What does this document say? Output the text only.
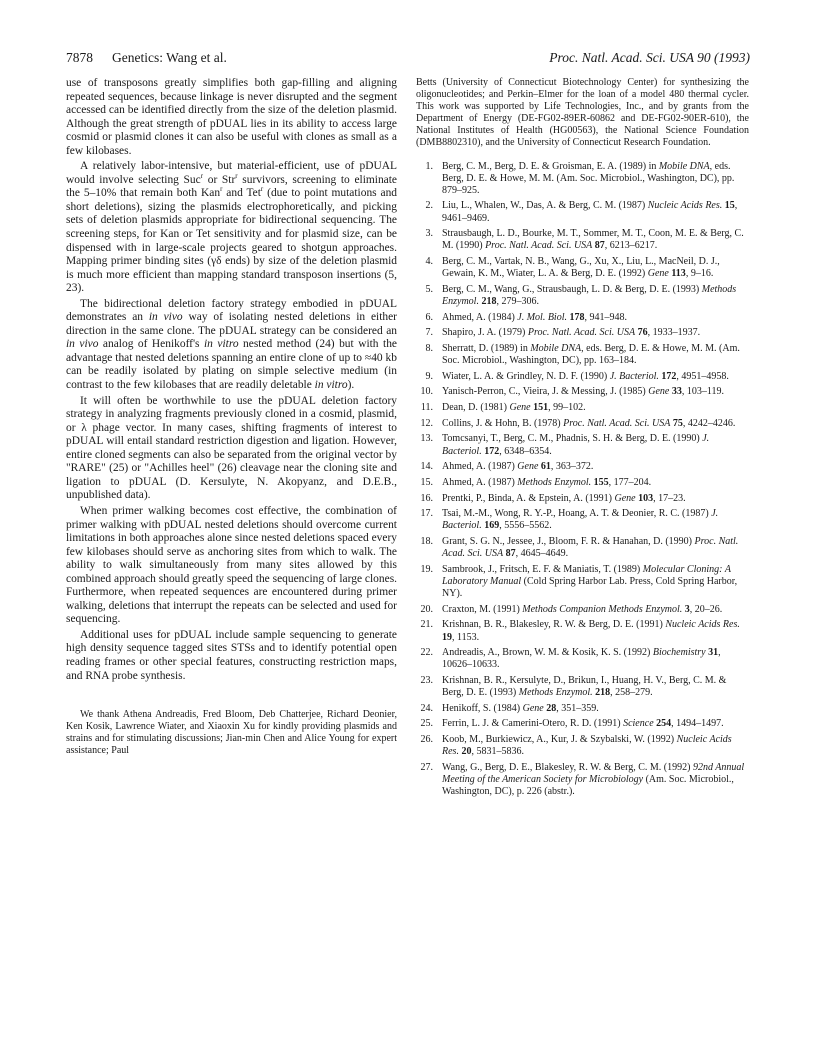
7878 Genetics: Wang et al.	Proc. Natl. Acad. Sci. USA 90 (1993)

use of transposons greatly simplifies both gap-filling and aligning repeated sequences, because linkage is never disrupted and the segment accessed can be identified directly from the size of the deletion plasmid. Although the great strength of pDUAL lies in its ability to access large cosmid or plasmid clones it can also be useful with clones as small as a few kilobases.

A relatively labor-intensive, but material-efficient, use of pDUAL would involve selecting Suc$^r$ or Str$^r$ survivors, screening to eliminate the 5–10% that remain both Kan$^r$ and Tet$^r$ (due to point mutations and short deletions), sizing the plasmids electrophoretically, and picking sets of deletion plasmids appropriate for bidirectional sequencing. The screening steps, for Kan or Tet sensitivity and for plasmid size, can be dispensed with in large-scale projects geared to shotgun approaches. Mapping primer binding sites (γδ ends) by size of the deletion plasmid is much more efficient than mapping standard transposon insertions (5, 23).

The bidirectional deletion factory strategy embodied in pDUAL demonstrates an in vivo way of isolating nested deletions in either direction in the same clone. The pDUAL strategy can be considered an in vivo analog of Henikoff's in vitro nested method (24) but with the advantage that nested deletions spanning an entire clone of up to ≈40 kb can be readily isolated by plating on simple selective medium (in contrast to the few kilobases that are readily deletable in vitro).

It will often be worthwhile to use the pDUAL deletion factory strategy in analyzing fragments previously cloned in a cosmid, plasmid, or λ phage vector. In many cases, shifting fragments of interest to pDUAL will entail standard restriction digestion and ligation. However, entire cloned segments can also be separated from the original vector by "RARE" (25) or "Achilles heel" (26) cleavage near the cloning site and ligation to pDUAL (D. Kersulyte, N. Akopyanz, and D.E.B., unpublished data).

When primer walking becomes cost effective, the combination of primer walking with pDUAL nested deletions should overcome current limitations in both approaches alone since nested deletions spaced every few kilobases should serve as anchoring sites from which to walk. The ability to walk simultaneously from many sites allowed by this combined approach should greatly speed the sequencing of large clones. Furthermore, when repeated sequences are encountered during primer walking, deletions that interrupt the repeats can be selected and used for sequencing.

Additional uses for pDUAL include sample sequencing to generate high density sequence tagged sites STSs and to identify potential open reading frames or other special features, constructing restriction maps, and RNA probe synthesis.

We thank Athena Andreadis, Fred Bloom, Deb Chatterjee, Richard Deonier, Ken Kosik, Lawrence Wiater, and Xiaoxin Xu for kindly providing plasmids and strains and for stimulating discussions; Jian-min Chen and Alice Young for expert assistance; Paul

Betts (University of Connecticut Biotechnology Center) for synthesizing the oligonucleotides; and Perkin–Elmer for the loan of a model 480 thermal cycler. This work was supported by Life Technologies, Inc., and by grants from the Department of Energy (DE-FG02-89ER-60862 and DE-FG02-90ER-610), the National Institutes of Health (HG00563), the National Science Foundation (DMB8802310), and the University of Connecticut Research Foundation.

1. Berg, C. M., Berg, D. E. & Groisman, E. A. (1989) in Mobile DNA, eds. Berg, D. E. & Howe, M. M. (Am. Soc. Microbiol., Washington, DC), pp. 879–925.
2. Liu, L., Whalen, W., Das, A. & Berg, C. M. (1987) Nucleic Acids Res. 15, 9461–9469.
3. Strausbaugh, L. D., Bourke, M. T., Sommer, M. T., Coon, M. E. & Berg, C. M. (1990) Proc. Natl. Acad. Sci. USA 87, 6213–6217.
4. Berg, C. M., Vartak, N. B., Wang, G., Xu, X., Liu, L., MacNeil, D. J., Gewain, K. M., Wiater, L. A. & Berg, D. E. (1992) Gene 113, 9–16.
5. Berg, C. M., Wang, G., Strausbaugh, L. D. & Berg, D. E. (1993) Methods Enzymol. 218, 279–306.
6. Ahmed, A. (1984) J. Mol. Biol. 178, 941–948.
7. Shapiro, J. A. (1979) Proc. Natl. Acad. Sci. USA 76, 1933–1937.
8. Sherratt, D. (1989) in Mobile DNA, eds. Berg, D. E. & Howe, M. M. (Am. Soc. Microbiol., Washington, DC), pp. 163–184.
9. Wiater, L. A. & Grindley, N. D. F. (1990) J. Bacteriol. 172, 4951–4958.
10. Yanisch-Perron, C., Vieira, J. & Messing, J. (1985) Gene 33, 103–119.
11. Dean, D. (1981) Gene 151, 99–102.
12. Collins, J. & Hohn, B. (1978) Proc. Natl. Acad. Sci. USA 75, 4242–4246.
13. Tomcsanyi, T., Berg, C. M., Phadnis, S. H. & Berg, D. E. (1990) J. Bacteriol. 172, 6348–6354.
14. Ahmed, A. (1987) Gene 61, 363–372.
15. Ahmed, A. (1987) Methods Enzymol. 155, 177–204.
16. Prentki, P., Binda, A. & Epstein, A. (1991) Gene 103, 17–23.
17. Tsai, M.-M., Wong, R. Y.-P., Hoang, A. T. & Deonier, R. C. (1987) J. Bacteriol. 169, 5556–5562.
18. Grant, S. G. N., Jessee, J., Bloom, F. R. & Hanahan, D. (1990) Proc. Natl. Acad. Sci. USA 87, 4645–4649.
19. Sambrook, J., Fritsch, E. F. & Maniatis, T. (1989) Molecular Cloning: A Laboratory Manual (Cold Spring Harbor Lab. Press, Cold Spring Harbor, NY).
20. Craxton, M. (1991) Methods Companion Methods Enzymol. 3, 20–26.
21. Krishnan, B. R., Blakesley, R. W. & Berg, D. E. (1991) Nucleic Acids Res. 19, 1153.
22. Andreadis, A., Brown, W. M. & Kosik, K. S. (1992) Biochemistry 31, 10626–10633.
23. Krishnan, B. R., Kersulyte, D., Brikun, I., Huang, H. V., Berg, C. M. & Berg, D. E. (1993) Methods Enzymol. 218, 258–279.
24. Henikoff, S. (1984) Gene 28, 351–359.
25. Ferrin, L. J. & Camerini-Otero, R. D. (1991) Science 254, 1494–1497.
26. Koob, M., Burkiewicz, A., Kur, J. & Szybalski, W. (1992) Nucleic Acids Res. 20, 5831–5836.
27. Wang, G., Berg, D. E., Blakesley, R. W. & Berg, C. M. (1992) 92nd Annual Meeting of the American Society for Microbiology (Am. Soc. Microbiol., Washington, DC), p. 226 (abstr.).
